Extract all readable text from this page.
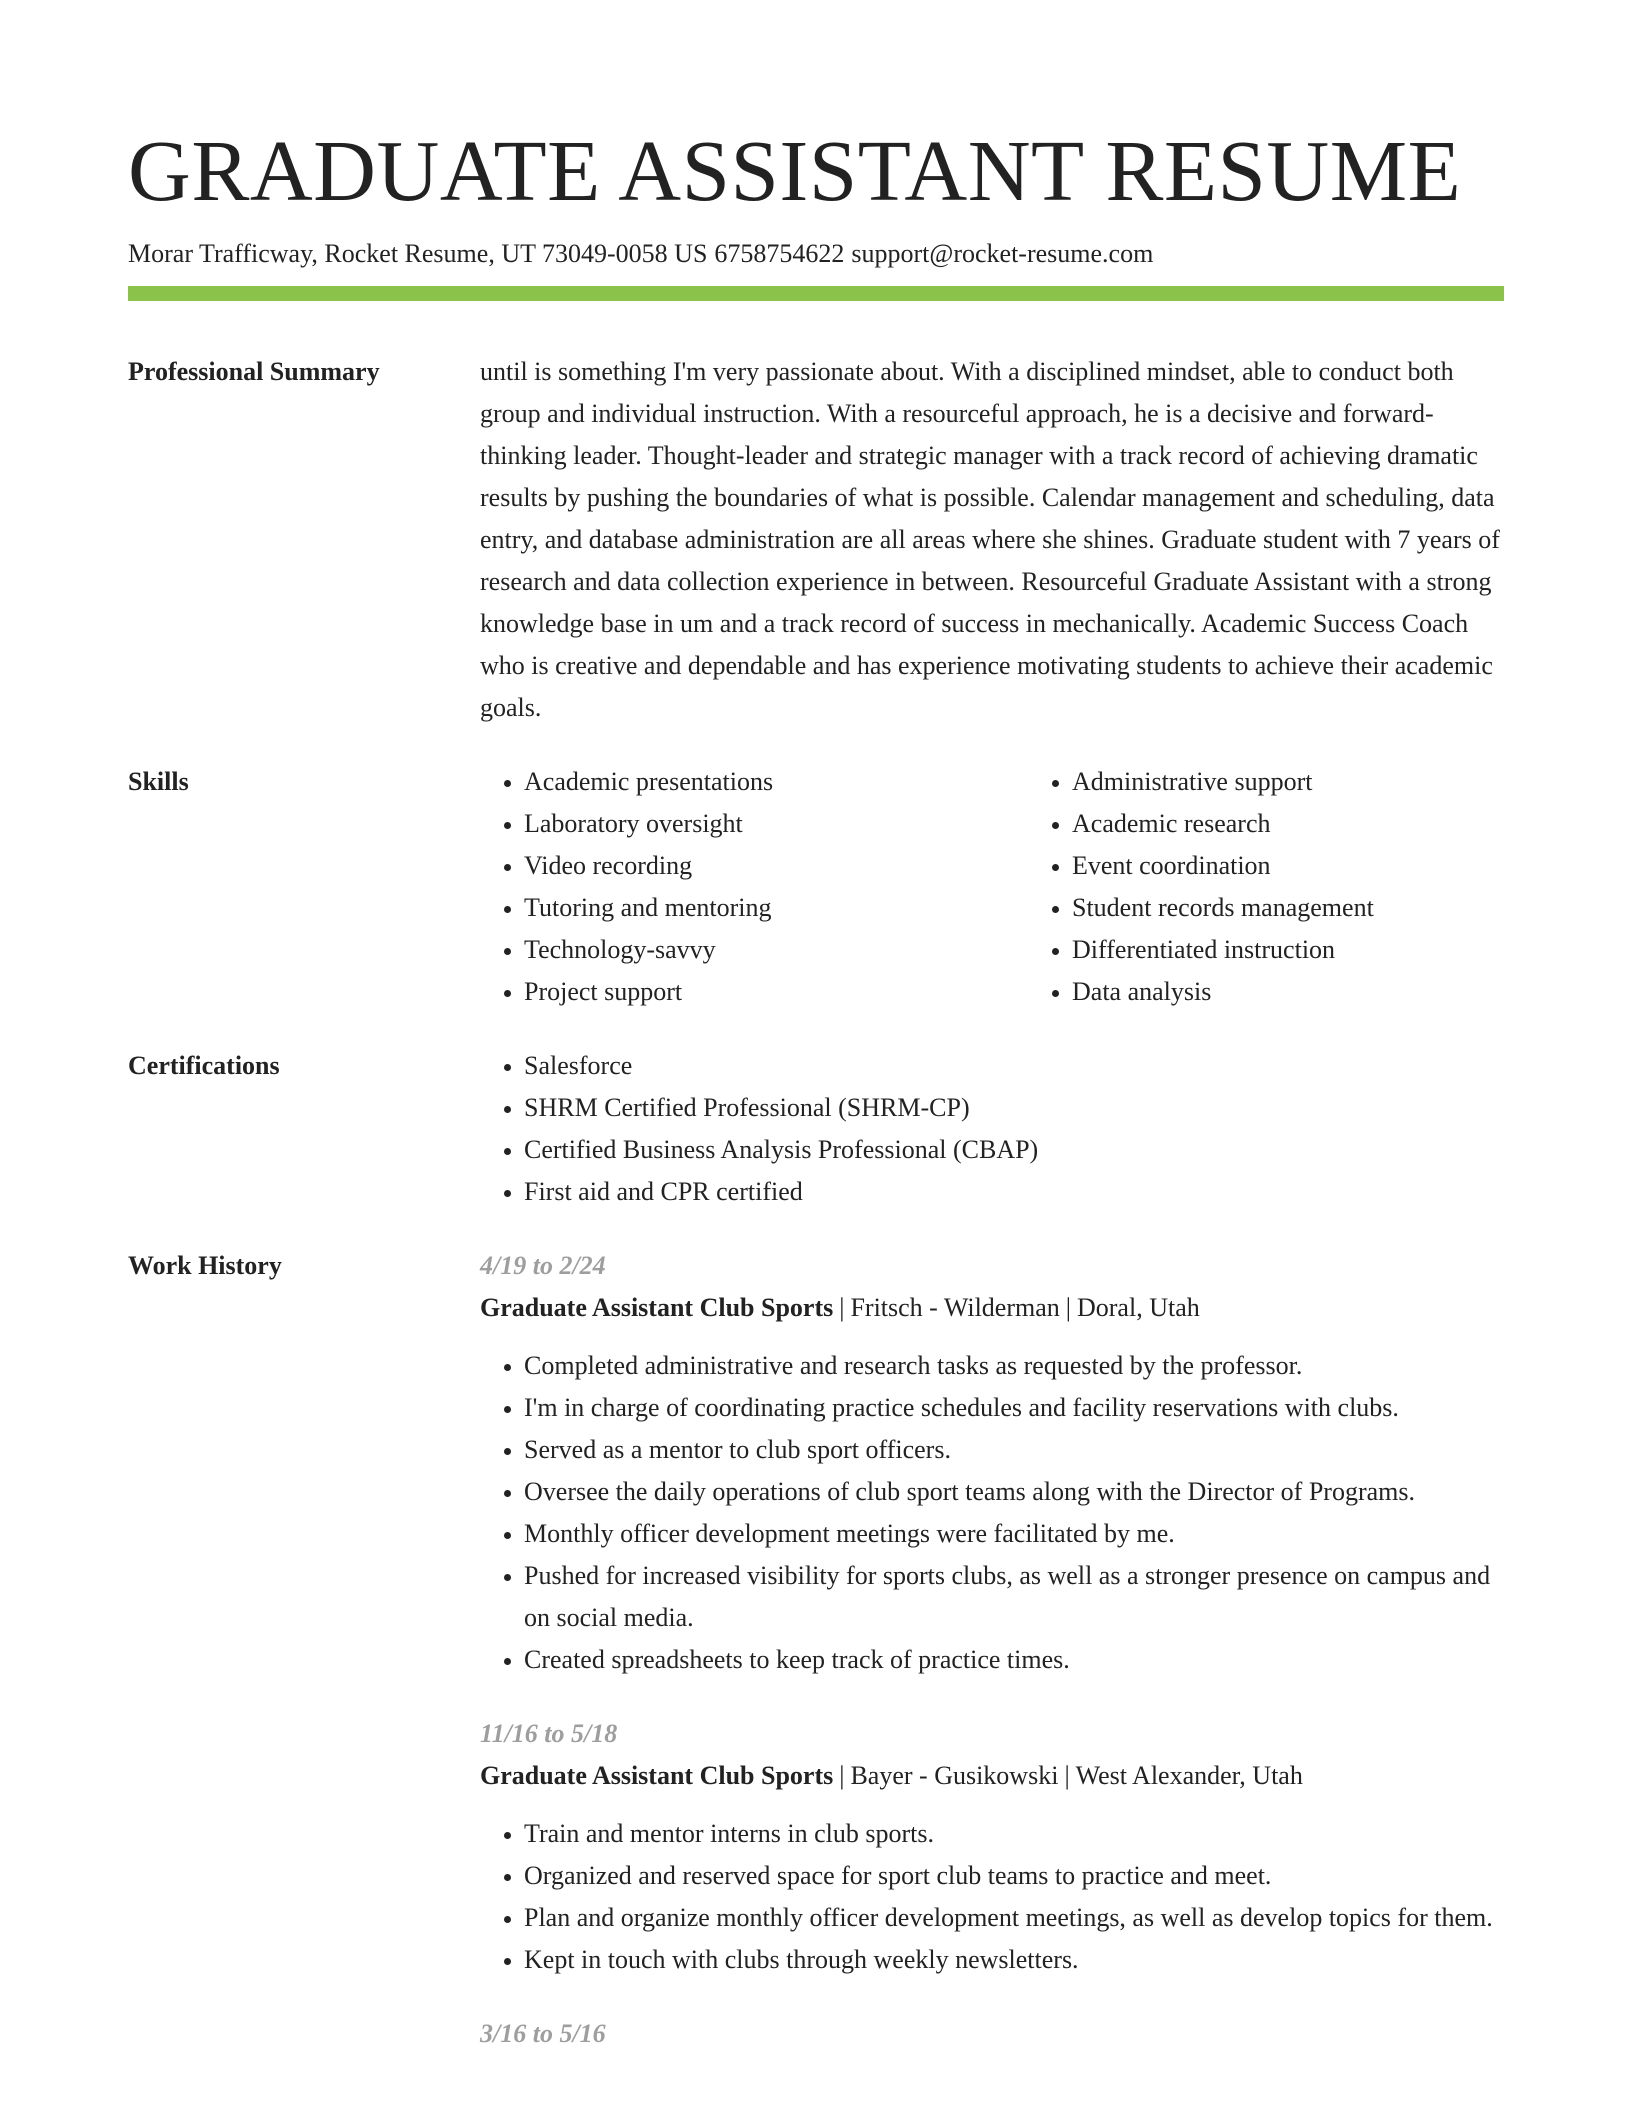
GRADUATE ASSISTANT RESUME
Morar Trafficway, Rocket Resume, UT 73049-0058 US 6758754622 support@rocket-resume.com
Professional Summary	until is something I'm very passionate about. With a disciplined mindset, able to conduct both group and individual instruction. With a resourceful approach, he is a decisive and forward-thinking leader. Thought-leader and strategic manager with a track record of achieving dramatic results by pushing the boundaries of what is possible. Calendar management and scheduling, data entry, and database administration are all areas where she shines. Graduate student with 7 years of research and data collection experience in between. Resourceful Graduate Assistant with a strong knowledge base in um and a track record of success in mechanically. Academic Success Coach who is creative and dependable and has experience motivating students to achieve their academic goals.
Skills	• Academic presentations
• Laboratory oversight
• Video recording
• Tutoring and mentoring
• Technology-savvy
• Project support
• Administrative support
• Academic research
• Event coordination
• Student records management
• Differentiated instruction
• Data analysis
Certifications	• Salesforce
• SHRM Certified Professional (SHRM-CP)
• Certified Business Analysis Professional (CBAP)
• First aid and CPR certified
Work History	4/19 to 2/24
Graduate Assistant Club Sports | Fritsch - Wilderman | Doral, Utah
• Completed administrative and research tasks as requested by the professor.
• I'm in charge of coordinating practice schedules and facility reservations with clubs.
• Served as a mentor to club sport officers.
• Oversee the daily operations of club sport teams along with the Director of Programs.
• Monthly officer development meetings were facilitated by me.
• Pushed for increased visibility for sports clubs, as well as a stronger presence on campus and on social media.
• Created spreadsheets to keep track of practice times.
11/16 to 5/18
Graduate Assistant Club Sports | Bayer - Gusikowski | West Alexander, Utah
• Train and mentor interns in club sports.
• Organized and reserved space for sport club teams to practice and meet.
• Plan and organize monthly officer development meetings, as well as develop topics for them.
• Kept in touch with clubs through weekly newsletters.
3/16 to 5/16
